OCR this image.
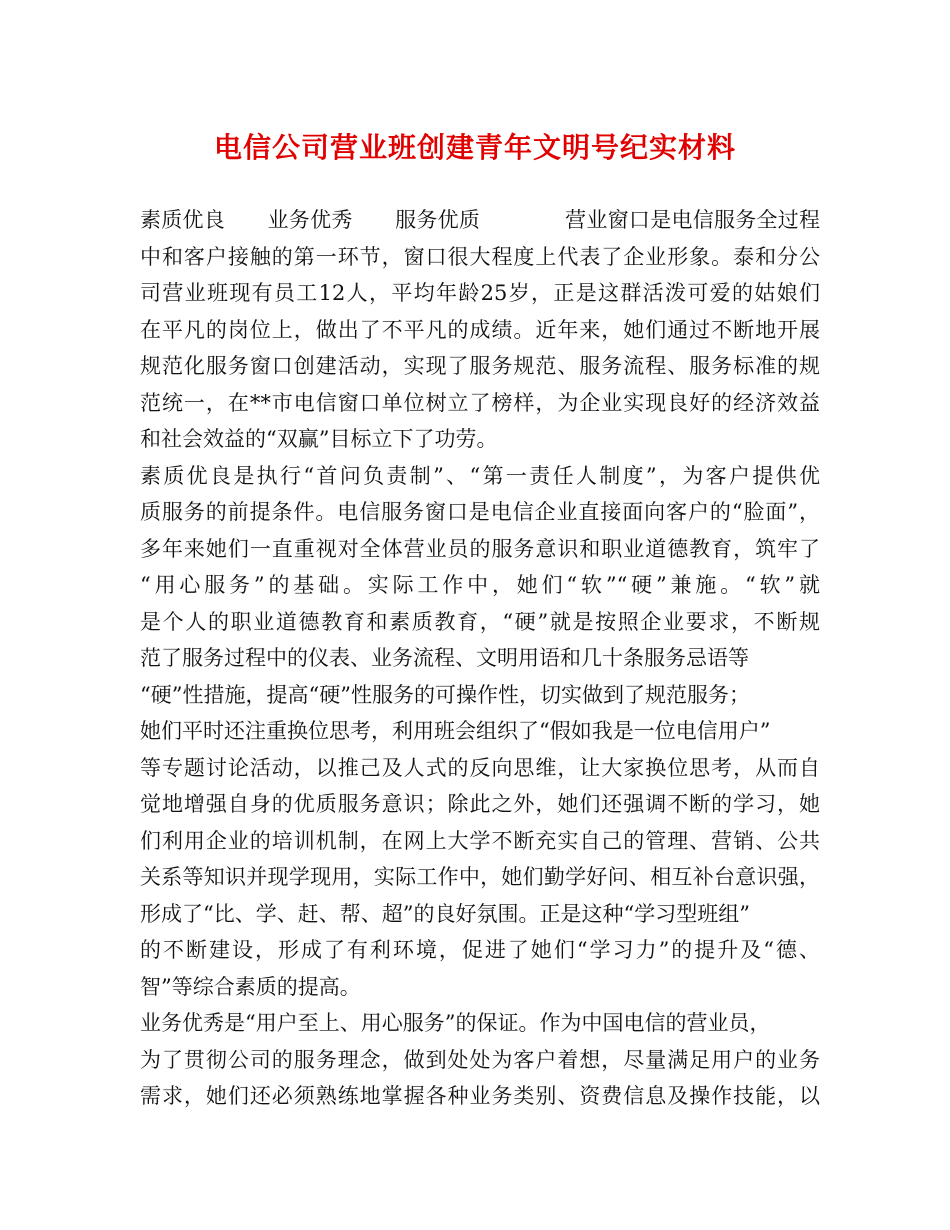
电信公司营业班创建青年文明号纪实材料
素质优良　　业务优秀　　服务优质　　　　营业窗口是电信服务全过程
中和客户接触的第一环节，窗口很大程度上代表了企业形象。泰和分公
司营业班现有员工12人，平均年龄25岁，正是这群活泼可爱的姑娘们
在平凡的岗位上，做出了不平凡的成绩。近年来，她们通过不断地开展
规范化服务窗口创建活动，实现了服务规范、服务流程、服务标准的规
范统一，在**市电信窗口单位树立了榜样，为企业实现良好的经济效益
和社会效益的“双赢”目标立下了功劳。
素质优良是执行“首问负责制”、“第一责任人制度”，为客户提供优
质服务的前提条件。电信服务窗口是电信企业直接面向客户的“脸面”，
多年来她们一直重视对全体营业员的服务意识和职业道德教育，筑牢了
“用心服务”的基础。实际工作中，她们“软”“硬”兼施。“软”就
是个人的职业道德教育和素质教育，“硬”就是按照企业要求，不断规
范了服务过程中的仪表、业务流程、文明用语和几十条服务忌语等
“硬”性措施，提高“硬”性服务的可操作性，切实做到了规范服务；
她们平时还注重换位思考，利用班会组织了“假如我是一位电信用户”
等专题讨论活动，以推己及人式的反向思维，让大家换位思考，从而自
觉地增强自身的优质服务意识；除此之外，她们还强调不断的学习，她
们利用企业的培训机制，在网上大学不断充实自己的管理、营销、公共
关系等知识并现学现用，实际工作中，她们勤学好问、相互补台意识强，
形成了“比、学、赶、帮、超”的良好氛围。正是这种“学习型班组”
的不断建设，形成了有利环境，促进了她们“学习力”的提升及“德、
智”等综合素质的提高。
业务优秀是“用户至上、用心服务”的保证。作为中国电信的营业员，
为了贯彻公司的服务理念，做到处处为客户着想，尽量满足用户的业务
需求，她们还必须熟练地掌握各种业务类别、资费信息及操作技能，以
